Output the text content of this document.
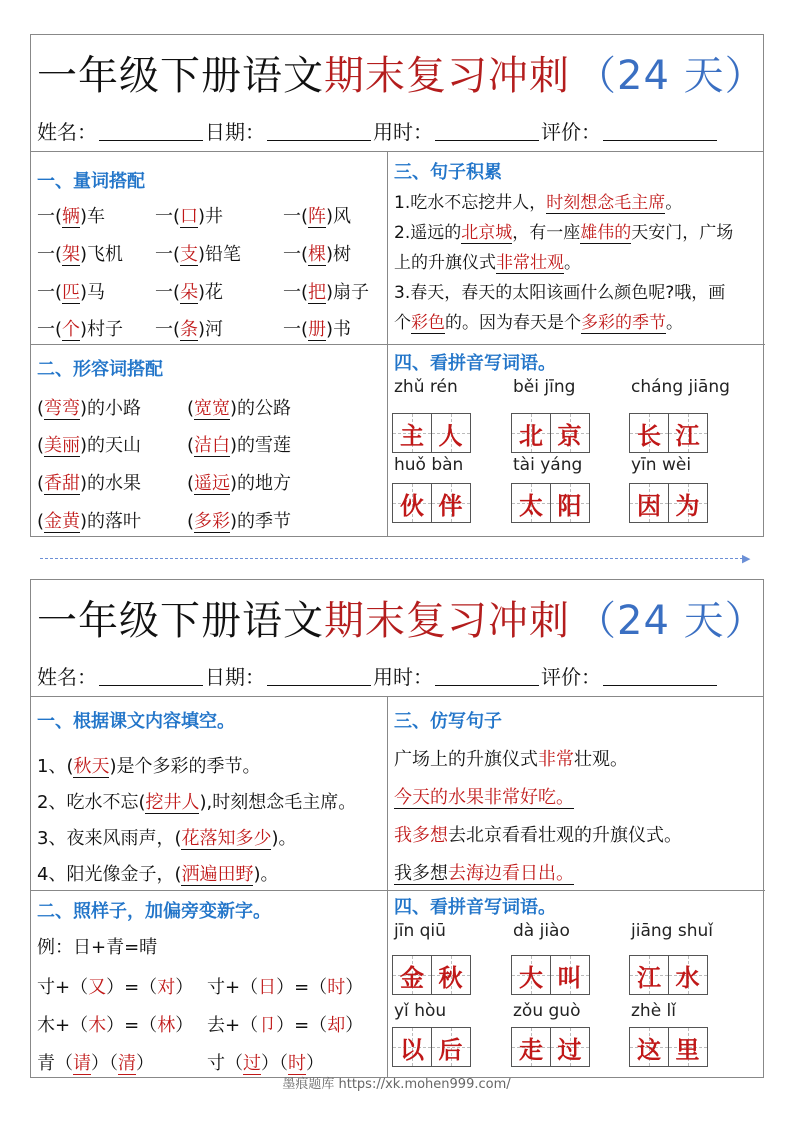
一年级下册语文 期末复习冲刺 （24 天）
姓名：	日期：	用时：	评价：
一、量词搭配
一(辆)车	一(口)井	一(阵)风
一(架)飞机 一(支)铅笔 一(棵)树
一(匹)马	一(朵)花	一(把)扇子
一(个)村子 一(条)河	一(册)书
三、句子积累
1.吃水不忘挖井人，时刻想念毛主席。
2.遥远的北京城，有一座雄伟的天安门，广场
上的升旗仪式非常壮观。
3.春天，春天的太阳该画什么颜色呢?哦，画
个彩色的。因为春天是个多彩的季节。
二、形容词搭配
(弯弯)的小路	(宽宽)的公路
(美丽)的天山	(洁白)的雪莲
(香甜)的水果	(遥远)的地方
(金黄)的落叶	(多彩)的季节
四、看拼音写词语。
zhǔ rén
主 人
běi jīng
北 京
cháng jiāng
长 江
huǒ bàn
伙 伴
tài yáng
太 阳
yīn wèi
因 为
▶
一年级下册语文 期末复习冲刺 （24 天）
姓名：	日期：	用时：	评价：
一、根据课文内容填空。
1、(秋天)是个多彩的季节。
2、吃水不忘(挖井人),时刻想念毛主席。
3、夜来风雨声，(花落知多少)。
4、阳光像金子，(洒遍田野)。
三、仿写句子
广场上的升旗仪式非常壮观。
今天的水果非常好吃。
我多想去北京看看壮观的升旗仪式。
我多想去海边看日出。
二、照样子，加偏旁变新字。
例：日+青=晴
寸+（又）=（对） 寸+（日）=（时）
木+（木）=（林） 去+（卩）=（却）
青（请）（清）	寸（过）（时）
四、看拼音写词语。
jīn qiū
金 秋
dà jiào
大 叫
jiāng shuǐ
江 水
yǐ hòu
以 后
zǒu guò
走 过
zhè lǐ
这 里
墨痕题库 https://xk.mohen999.com/
